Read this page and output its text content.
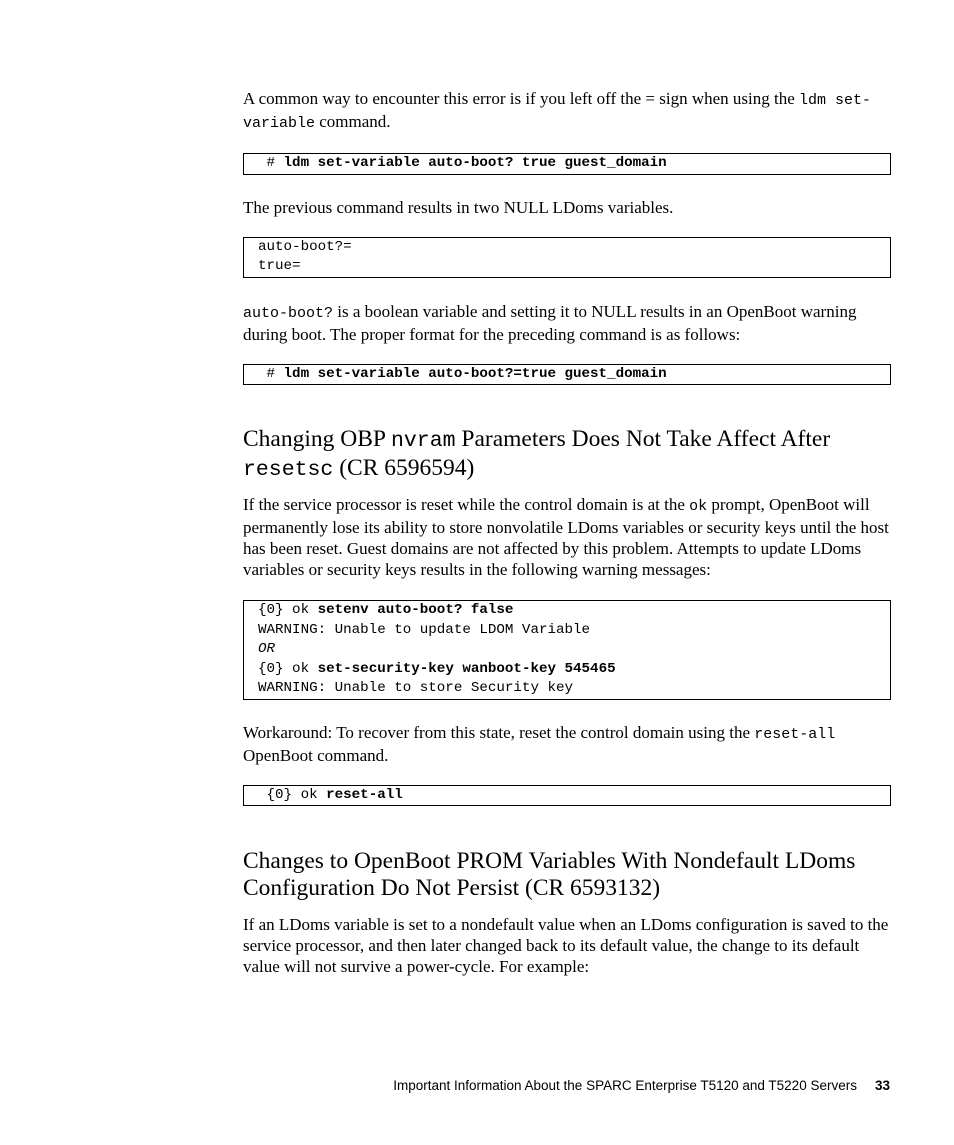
A common way to encounter this error is if you left off the = sign when using the ldm set-variable command.

# ldm set-variable auto-boot? true guest_domain

The previous command results in two NULL LDoms variables.

auto-boot?=
true=

auto-boot? is a boolean variable and setting it to NULL results in an OpenBoot warning during boot. The proper format for the preceding command is as follows:

# ldm set-variable auto-boot?=true guest_domain
Changing OBP nvram Parameters Does Not Take Affect After resetsc (CR 6596594)

If the service processor is reset while the control domain is at the ok prompt, OpenBoot will permanently lose its ability to store nonvolatile LDoms variables or security keys until the host has been reset. Guest domains are not affected by this problem. Attempts to update LDoms variables or security keys results in the following warning messages:

{0} ok setenv auto-boot? false
WARNING: Unable to update LDOM Variable
OR
{0} ok set-security-key wanboot-key 545465
WARNING: Unable to store Security key

Workaround: To recover from this state, reset the control domain using the reset-all OpenBoot command.

{0} ok reset-all
Changes to OpenBoot PROM Variables With Nondefault LDoms Configuration Do Not Persist (CR 6593132)

If an LDoms variable is set to a nondefault value when an LDoms configuration is saved to the service processor, and then later changed back to its default value, the change to its default value will not survive a power-cycle. For example:

Important Information About the SPARC Enterprise T5120 and T5220 Servers 33
